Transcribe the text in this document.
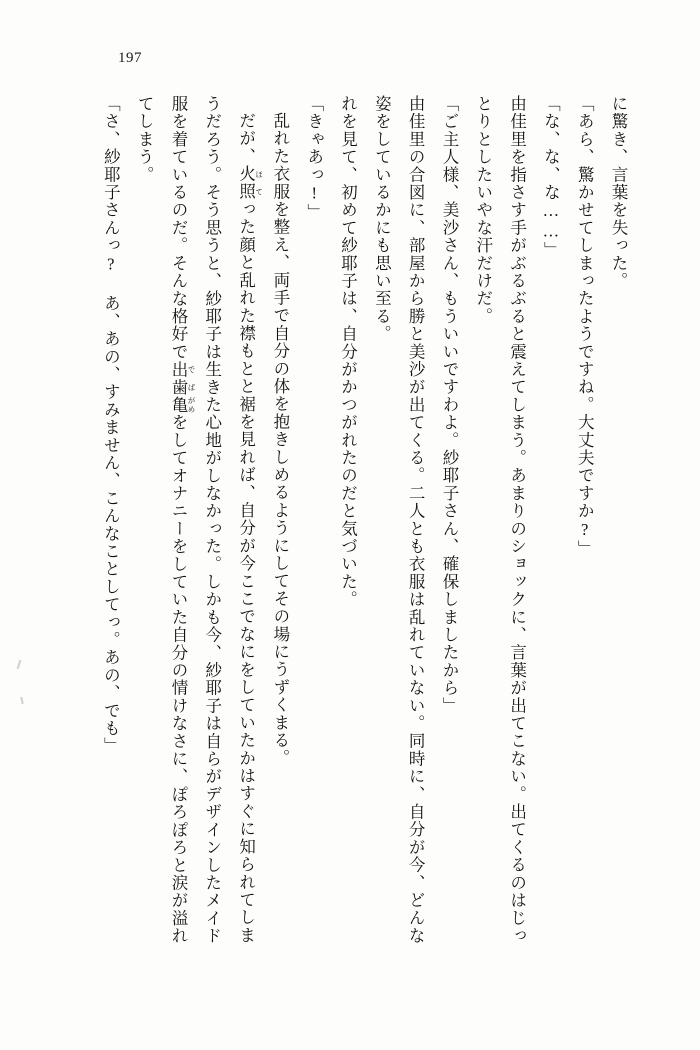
197

に驚き、言葉を失った。

「あら、驚かせてしまったようですね。大丈夫ですか?」

「な、な、な……」

由佳里を指さす手がぶるぶると震えてしまう。あまりのショックに、言葉が出てこない。出てくるのはじっとりとしたいやな汗だけだ。

「ご主人様、美沙さん、もういいですわよ。紗耶子さん、確保しましたから」

由佳里の合図に、部屋から勝と美沙が出てくる。二人とも衣服は乱れていない。同時に、自分が今、どんな姿をしているかにも思い至る。

れを見て、初めて紗耶子は、自分がかつがれたのだと気づいた。

「きゃあっ!」

乱れた衣服を整え、両手で自分の体を抱きしめるようにしてその場にうずくまる。

だが、火照 ほてった顔と乱れた襟もとと裾を見れば、自分が今ここでなにをしていたかはすぐに知られてしまうだろう。そう思うと、紗耶子は生きた心地がしなかった。しかも今、紗耶子は自らがデザインしたメイド服を着ているのだ。そんな格好で出歯 でば亀 がめをしてオナニーをしていた自分の情けなさに、ぽろぽろと涙が溢れてしまう。

「さ、紗耶子さんっ? あ、あの、すみません、こんなことしてっ。あの、でも」
